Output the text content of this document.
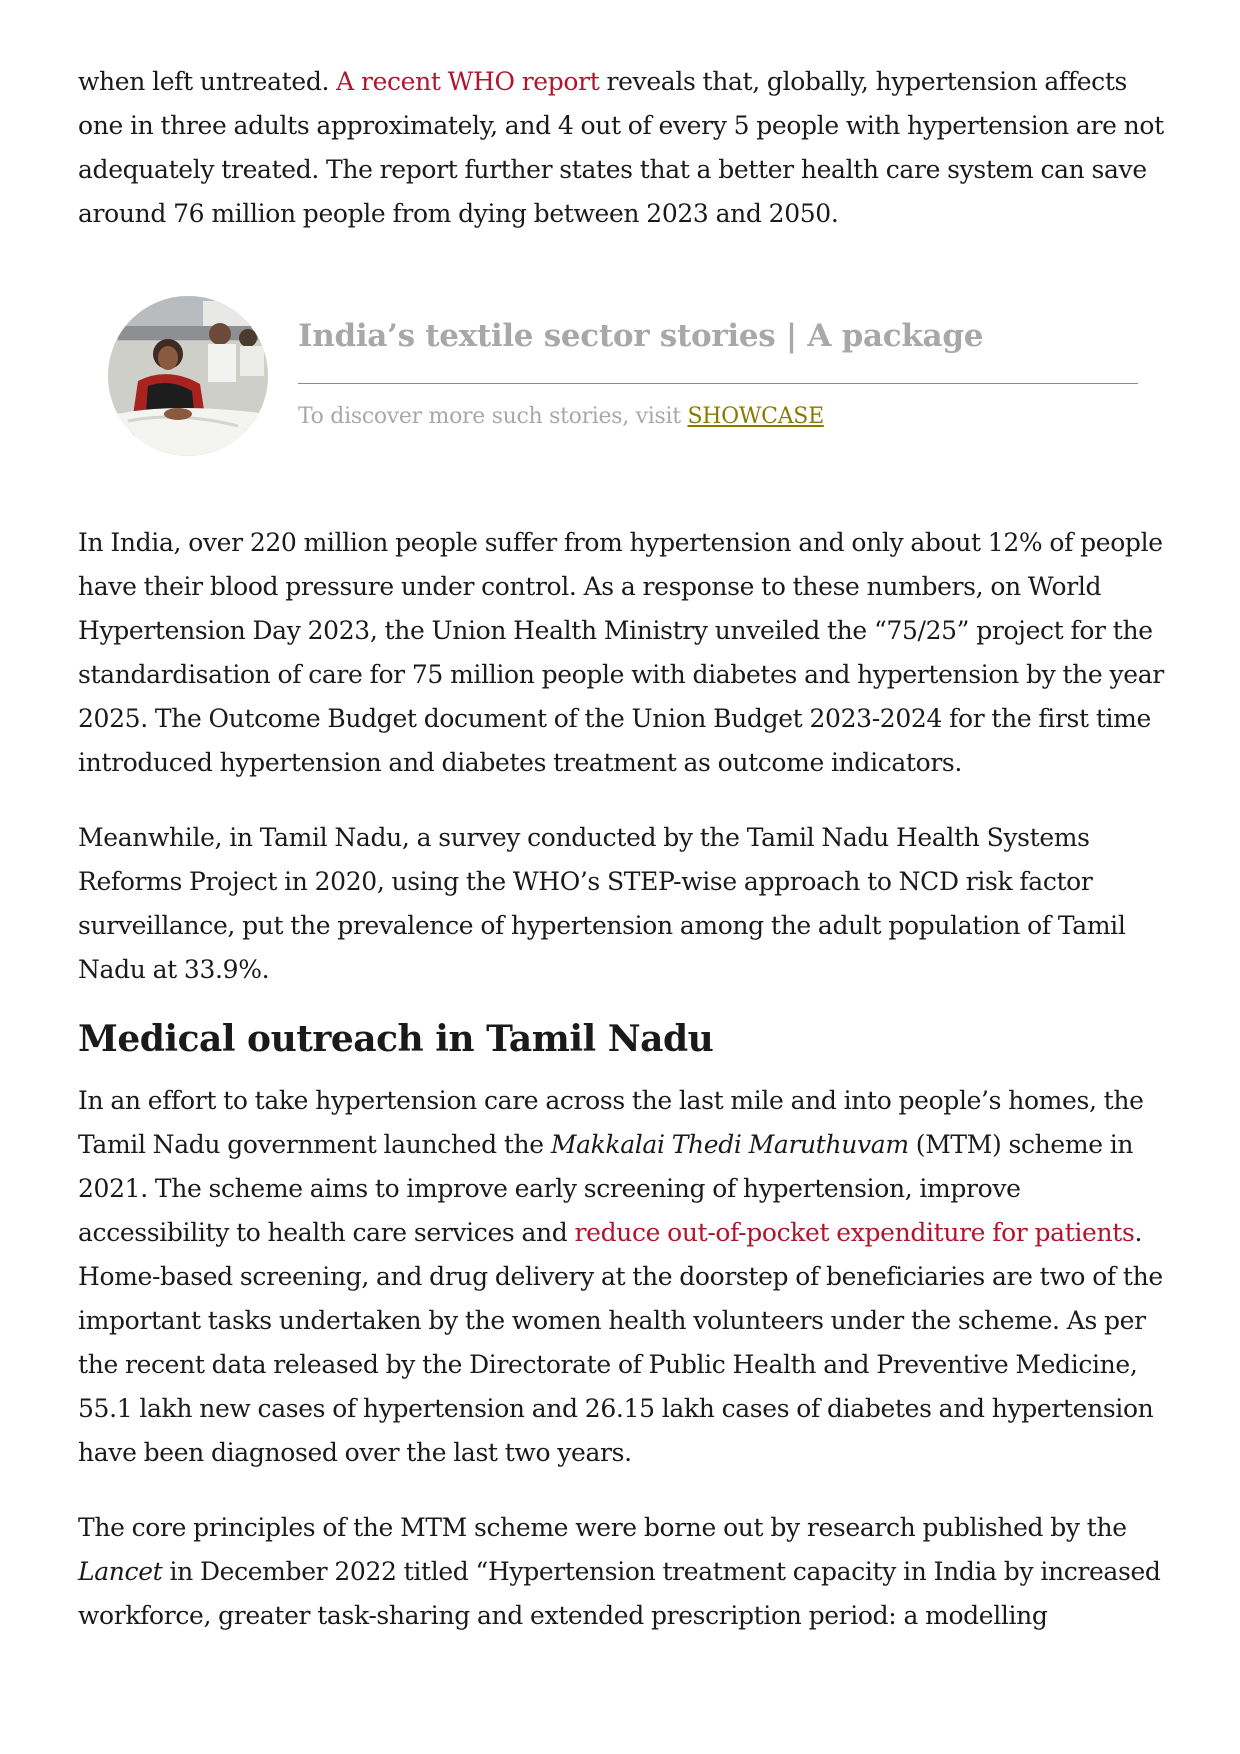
when left untreated. A recent WHO report reveals that, globally, hypertension affects one in three adults approximately, and 4 out of every 5 people with hypertension are not adequately treated. The report further states that a better health care system can save around 76 million people from dying between 2023 and 2050.

India’s textile sector stories | A package
To discover more such stories, visit SHOWCASE

In India, over 220 million people suffer from hypertension and only about 12% of people have their blood pressure under control. As a response to these numbers, on World Hypertension Day 2023, the Union Health Ministry unveiled the “75/25” project for the standardisation of care for 75 million people with diabetes and hypertension by the year 2025. The Outcome Budget document of the Union Budget 2023-2024 for the first time introduced hypertension and diabetes treatment as outcome indicators.

Meanwhile, in Tamil Nadu, a survey conducted by the Tamil Nadu Health Systems Reforms Project in 2020, using the WHO’s STEP-wise approach to NCD risk factor surveillance, put the prevalence of hypertension among the adult population of Tamil Nadu at 33.9%.

Medical outreach in Tamil Nadu

In an effort to take hypertension care across the last mile and into people’s homes, the Tamil Nadu government launched the Makkalai Thedi Maruthuvam (MTM) scheme in 2021. The scheme aims to improve early screening of hypertension, improve accessibility to health care services and reduce out-of-pocket expenditure for patients. Home-based screening, and drug delivery at the doorstep of beneficiaries are two of the important tasks undertaken by the women health volunteers under the scheme. As per the recent data released by the Directorate of Public Health and Preventive Medicine, 55.1 lakh new cases of hypertension and 26.15 lakh cases of diabetes and hypertension have been diagnosed over the last two years.

The core principles of the MTM scheme were borne out by research published by the Lancet in December 2022 titled “Hypertension treatment capacity in India by increased workforce, greater task-sharing and extended prescription period: a modelling
